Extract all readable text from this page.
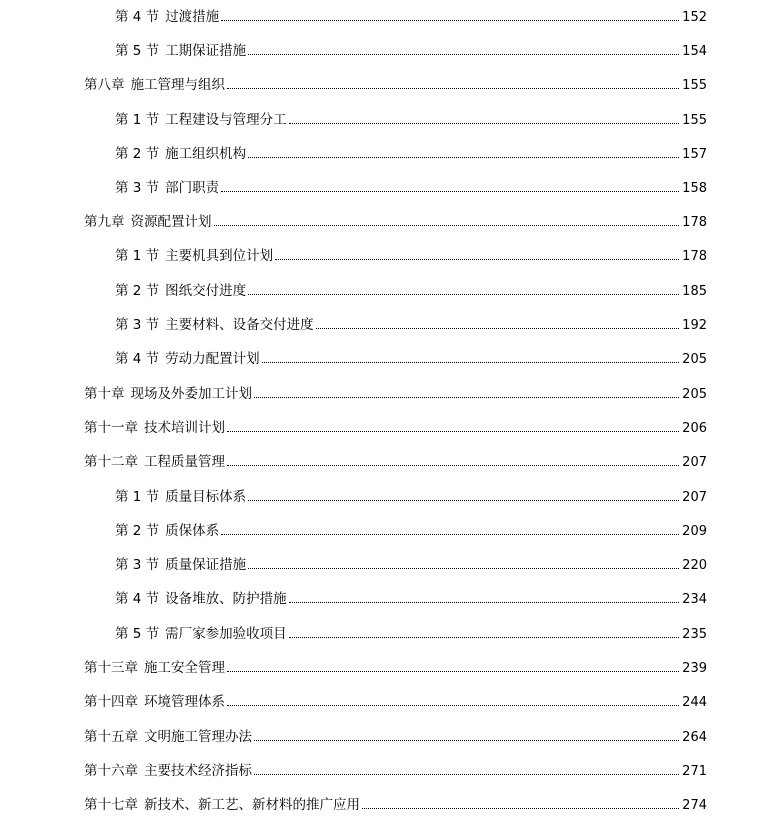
第 4 节 过渡措施	152
第 5 节 工期保证措施	154
第八章 施工管理与组织	155
第 1 节 工程建设与管理分工	155
第 2 节 施工组织机构	157
第 3 节 部门职责	158
第九章 资源配置计划	178
第 1 节 主要机具到位计划	178
第 2 节 图纸交付进度	185
第 3 节 主要材料、设备交付进度	192
第 4 节 劳动力配置计划	205
第十章 现场及外委加工计划	205
第十一章 技术培训计划	206
第十二章 工程质量管理	207
第 1 节 质量目标体系	207
第 2 节 质保体系	209
第 3 节 质量保证措施	220
第 4 节 设备堆放、防护措施	234
第 5 节 需厂家参加验收项目	235
第十三章 施工安全管理	239
第十四章 环境管理体系	244
第十五章 文明施工管理办法	264
第十六章 主要技术经济指标	271
第十七章 新技术、新工艺、新材料的推广应用	274
